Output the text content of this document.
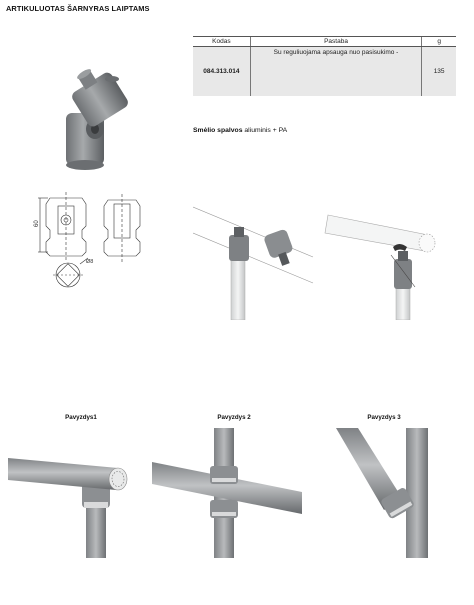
ARTIKULUOTAS ŠARNYRAS LAIPTAMS
Kodas	Pastaba	g
084.313.014	Su reguliuojama apsauga nuo pasisukimo -	135
Smėlio spalvos aliuminis + PA
60
Ø8
Pavyzdys1	Pavyzdys 2	Pavyzdys 3
